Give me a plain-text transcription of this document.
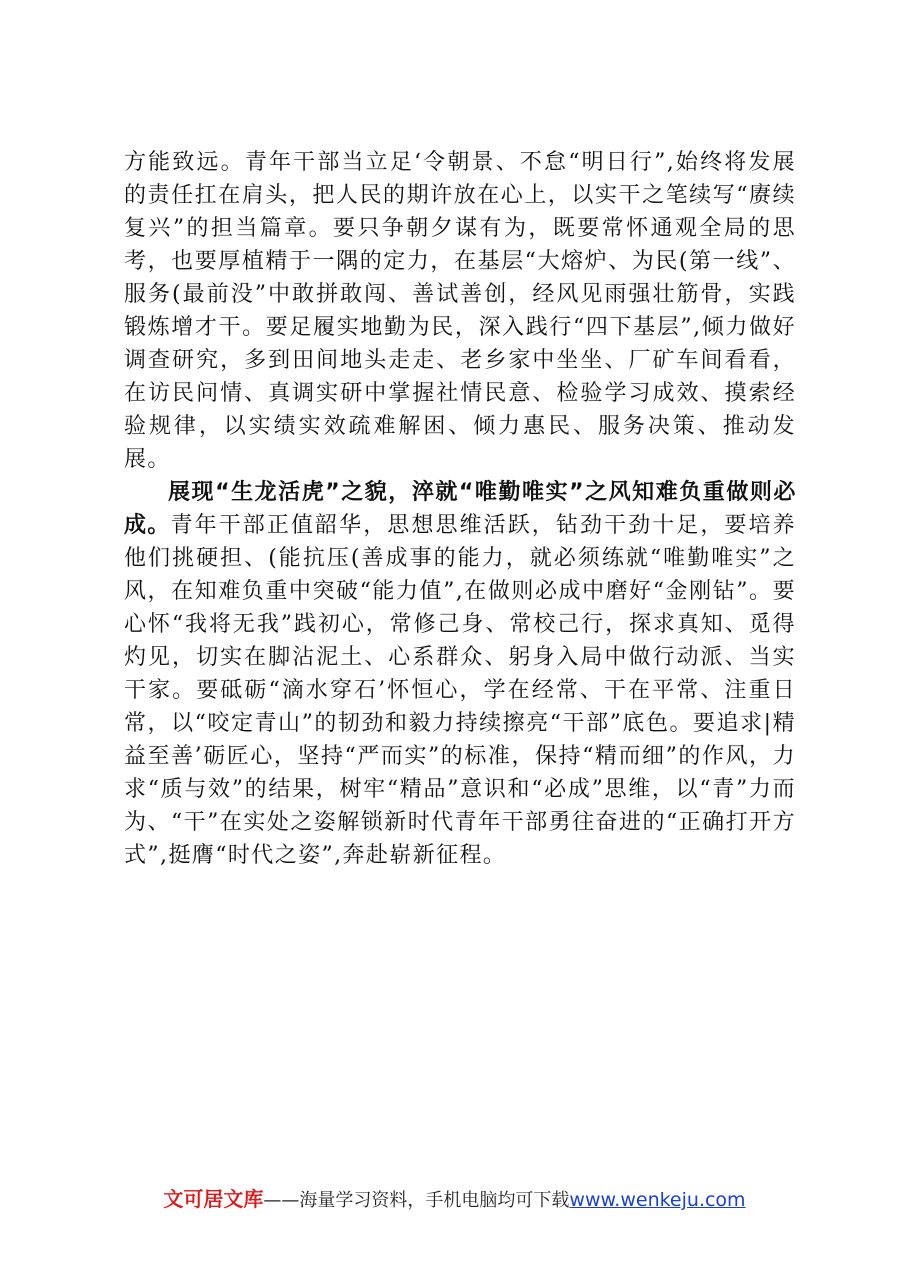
方能致远。青年干部当立足‘令朝景、不怠“明日行”,始终将发展的责任扛在肩头，把人民的期许放在心上，以实干之笔续写“赓续复兴”的担当篇章。要只争朝夕谋有为，既要常怀通观全局的思考，也要厚植精于一隅的定力，在基层“大熔炉、为民(第一线”、服务(最前没”中敢拼敢闯、善试善创，经风见雨强壮筋骨，实践锻炼增才干。要足履实地勤为民，深入践行“四下基层”,倾力做好调查研究，多到田间地头走走、老乡家中坐坐、厂矿车间看看，在访民问情、真调实研中掌握社情民意、检验学习成效、摸索经验规律，以实绩实效疏难解困、倾力惠民、服务决策、推动发展。

展现“生龙活虎”之貌，淬就“唯勤唯实”之风知难负重做则必成。青年干部正值韶华，思想思维活跃，钻劲干劲十足，要培养他们挑硬担、(能抗压(善成事的能力，就必须练就“唯勤唯实”之风，在知难负重中突破“能力值”,在做则必成中磨好“金刚钻”。要心怀“我将无我”践初心，常修己身、常校己行，探求真知、觅得灼见，切实在脚沾泥土、心系群众、躬身入局中做行动派、当实干家。要砥砺“滴水穿石’怀恒心，学在经常、干在平常、注重日常，以“咬定青山”的韧劲和毅力持续擦亮“干部”底色。要追求|精益至善’砺匠心，坚持“严而实”的标准，保持“精而细”的作风，力求“质与效”的结果，树牢“精品”意识和“必成”思维，以“青”力而为、“干”在实处之姿解锁新时代青年干部勇往奋进的“正确打开方式”,挺膺“时代之姿”,奔赴崭新征程。

文可居文库——海量学习资料，手机电脑均可下载www.wenkeju.com
